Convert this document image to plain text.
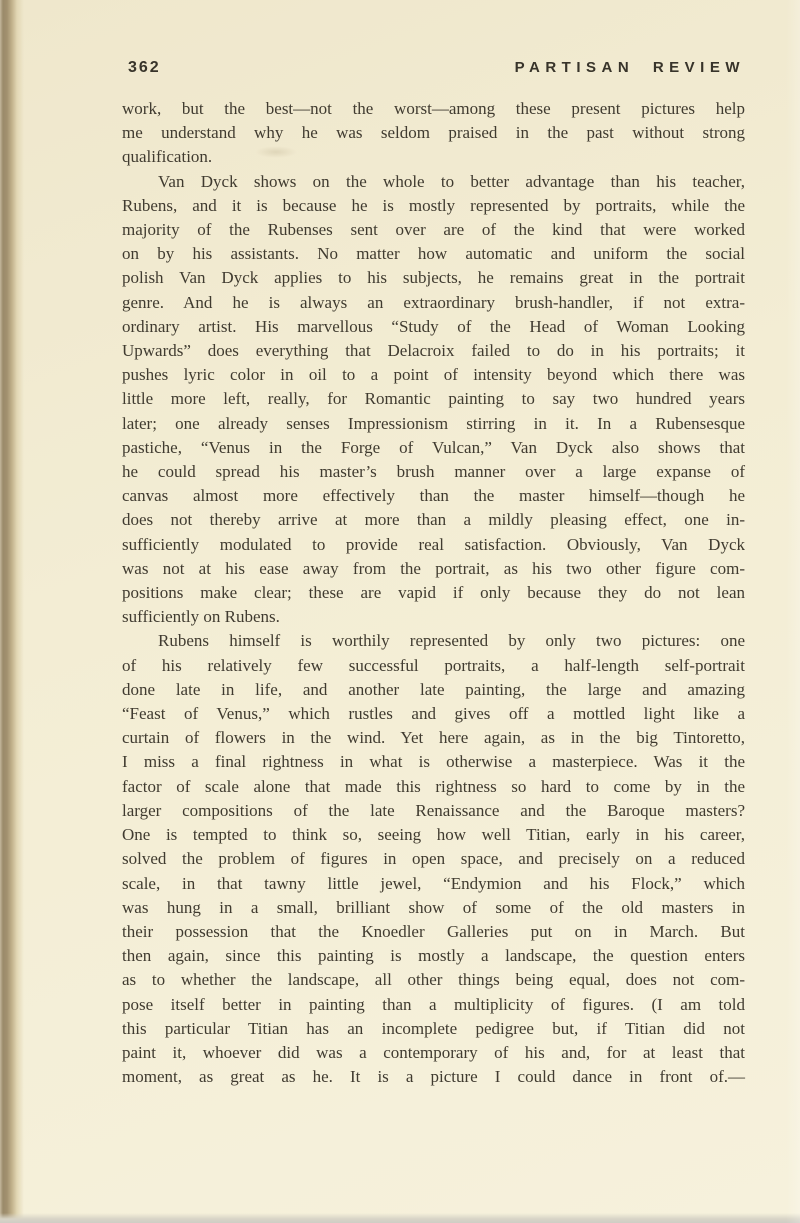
362	PARTISAN REVIEW
work, but the best—not the worst—among these present pictures help
me understand why he was seldom praised in the past without strong
qualification.
Van Dyck shows on the whole to better advantage than his teacher,
Rubens, and it is because he is mostly represented by portraits, while the
majority of the Rubenses sent over are of the kind that were worked
on by his assistants. No matter how automatic and uniform the social
polish Van Dyck applies to his subjects, he remains great in the portrait
genre. And he is always an extraordinary brush-handler, if not extra-
ordinary artist. His marvellous “Study of the Head of Woman Looking
Upwards” does everything that Delacroix failed to do in his portraits; it
pushes lyric color in oil to a point of intensity beyond which there was
little more left, really, for Romantic painting to say two hundred years
later; one already senses Impressionism stirring in it. In a Rubensesque
pastiche, “Venus in the Forge of Vulcan,” Van Dyck also shows that
he could spread his master’s brush manner over a large expanse of
canvas almost more effectively than the master himself—though he
does not thereby arrive at more than a mildly pleasing effect, one in-
sufficiently modulated to provide real satisfaction. Obviously, Van Dyck
was not at his ease away from the portrait, as his two other figure com-
positions make clear; these are vapid if only because they do not lean
sufficiently on Rubens.
Rubens himself is worthily represented by only two pictures: one
of his relatively few successful portraits, a half-length self-portrait
done late in life, and another late painting, the large and amazing
“Feast of Venus,” which rustles and gives off a mottled light like a
curtain of flowers in the wind. Yet here again, as in the big Tintoretto,
I miss a final rightness in what is otherwise a masterpiece. Was it the
factor of scale alone that made this rightness so hard to come by in the
larger compositions of the late Renaissance and the Baroque masters?
One is tempted to think so, seeing how well Titian, early in his career,
solved the problem of figures in open space, and precisely on a reduced
scale, in that tawny little jewel, “Endymion and his Flock,” which
was hung in a small, brilliant show of some of the old masters in
their possession that the Knoedler Galleries put on in March. But
then again, since this painting is mostly a landscape, the question enters
as to whether the landscape, all other things being equal, does not com-
pose itself better in painting than a multiplicity of figures. (I am told
this particular Titian has an incomplete pedigree but, if Titian did not
paint it, whoever did was a contemporary of his and, for at least that
moment, as great as he. It is a picture I could dance in front of.—
